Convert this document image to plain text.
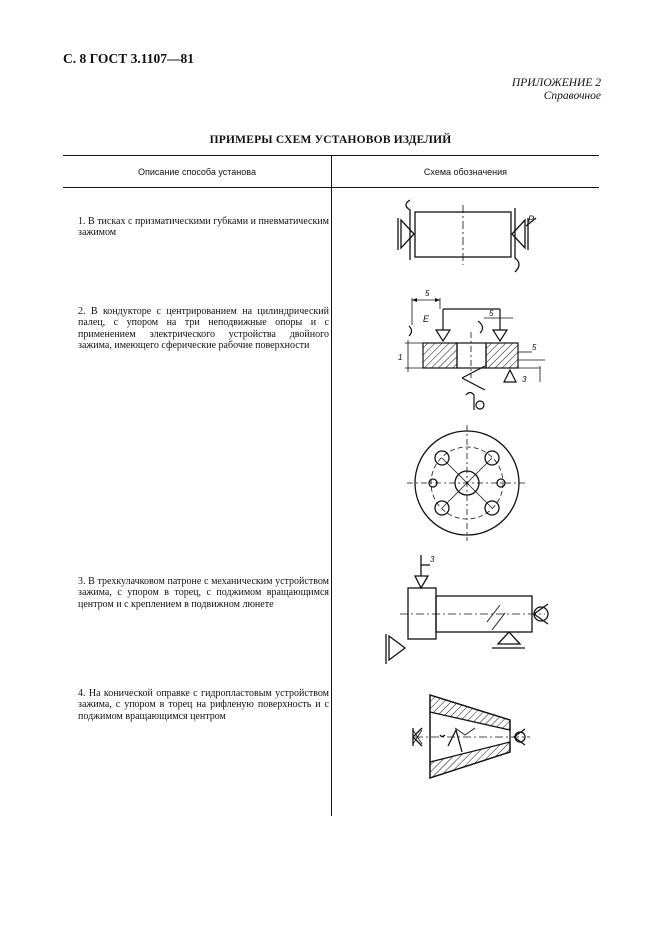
С. 8 ГОСТ 3.1107—81
ПРИЛОЖЕНИЕ 2
Справочное
ПРИМЕРЫ СХЕМ УСТАНОВОВ ИЗДЕЛИЙ
Описание способа установа	Схема обозначения
1. В тисках с призматическими губками и пневматическим зажимом
2. В кондукторе с центрированием на цилиндрический палец, с упором на три неподвижные опоры и с применением электрического устройства двойного зажима, имеющего сферические рабочие поверхности
3. В трехкулачковом патроне с механическим устройством зажима, с упором в торец, с поджимом вращающимся центром и с креплением в подвижном люнете
4. На конической оправке с гидропластовым устройством зажима, с упором в торец на рифленую поверхность и с поджимом вращающимся центром
P
E
5
5
5
1
3
3
